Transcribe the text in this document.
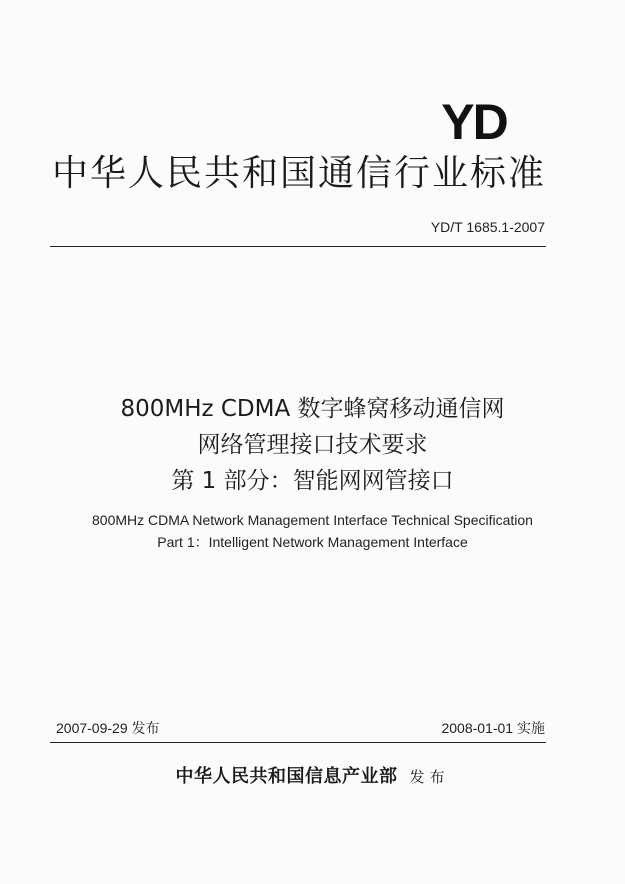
YD
中华人民共和国通信行业标准
YD/T 1685.1-2007
800MHz CDMA 数字蜂窝移动通信网
网络管理接口技术要求
第 1 部分：智能网网管接口
800MHz CDMA Network Management Interface Technical Specification
Part 1：Intelligent Network Management Interface
2007-09-29 发布	2008-01-01 实施
中华人民共和国信息产业部 发布
